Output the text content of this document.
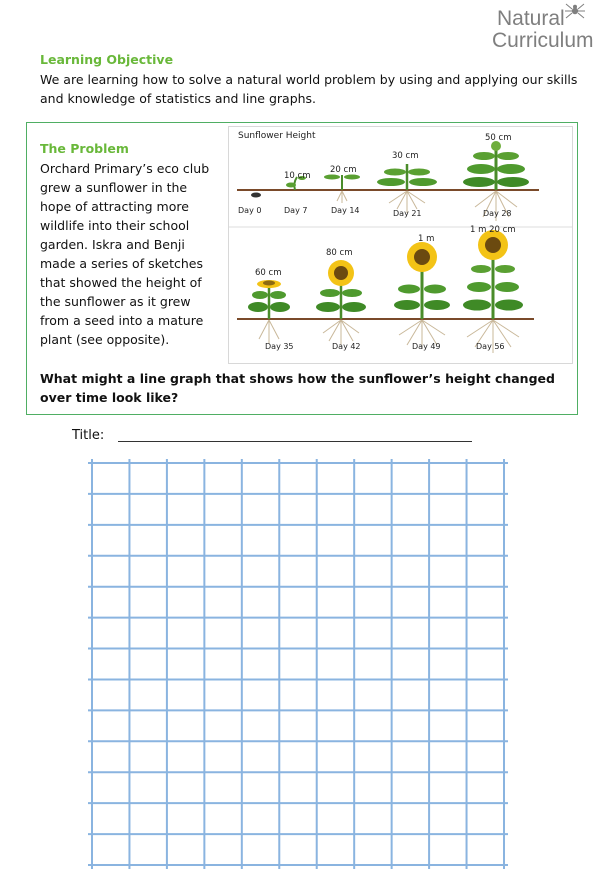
Natural
Curriculum
Learning Objective
We are learning how to solve a natural world problem by using and applying our skills and knowledge of statistics and line graphs.
The Problem
Orchard Primary’s eco club grew a sunflower in the hope of attracting more wildlife into their school garden. Iskra and Benji made a series of sketches that showed the height of the sunflower as it grew from a seed into a mature plant (see opposite).
Sunflower Height
10 cm
20 cm
30 cm
50 cm
60 cm
80 cm
1 m
1 m 20 cm
Day 0	Day 7	Day 14	Day 21	Day 28
Day 35	Day 42	Day 49	Day 56
What might a line graph that shows how the sunflower’s height changed over time look like?
Title:
